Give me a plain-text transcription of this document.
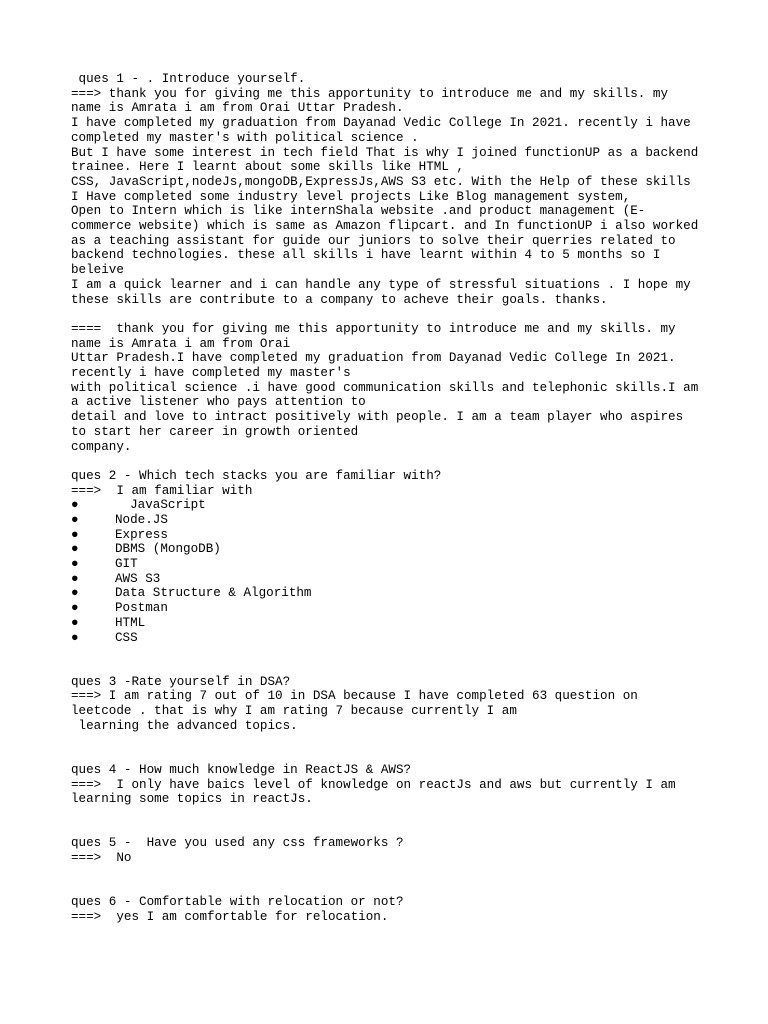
ques 1 - . Introduce yourself.
===> thank you for giving me this apportunity to introduce me and my skills. my
name is Amrata i am from Orai Uttar Pradesh.
I have completed my graduation from Dayanad Vedic College In 2021. recently i have
completed my master's with political science .
But I have some interest in tech field That is why I joined functionUP as a backend
trainee. Here I learnt about some skills like HTML ,
CSS, JavaScript,nodeJs,mongoDB,ExpressJs,AWS S3 etc. With the Help of these skills
I Have completed some industry level projects Like Blog management system,
Open to Intern which is like internShala website .and product management (E-
commerce website) which is same as Amazon flipcart. and In functionUP i also worked
as a teaching assistant for guide our juniors to solve their querries related to
backend technologies. these all skills i have learnt within 4 to 5 months so I
beleive
I am a quick learner and i can handle any type of stressful situations . I hope my
these skills are contribute to a company to acheve their goals. thanks.
====  thank you for giving me this apportunity to introduce me and my skills. my
name is Amrata i am from Orai
Uttar Pradesh.I have completed my graduation from Dayanad Vedic College In 2021.
recently i have completed my master's
with political science .i have good communication skills and telephonic skills.I am
a active listener who pays attention to
detail and love to intract positively with people. I am a team player who aspires
to start her career in growth oriented
company.
ques 2 - Which tech stacks you are familiar with?
===>  I am familiar with
●	JavaScript
●	Node.JS
●	Express
●	DBMS (MongoDB)
●	GIT
●	AWS S3
●	Data Structure & Algorithm
●	Postman
●	HTML
●	CSS
ques 3 -Rate yourself in DSA?
===> I am rating 7 out of 10 in DSA because I have completed 63 question on
leetcode . that is why I am rating 7 because currently I am
learning the advanced topics.
ques 4 - How much knowledge in ReactJS & AWS?
===>  I only have baics level of knowledge on reactJs and aws but currently I am
learning some topics in reactJs.
ques 5 -  Have you used any css frameworks ?
===>  No
ques 6 - Comfortable with relocation or not?
===>  yes I am comfortable for relocation.
